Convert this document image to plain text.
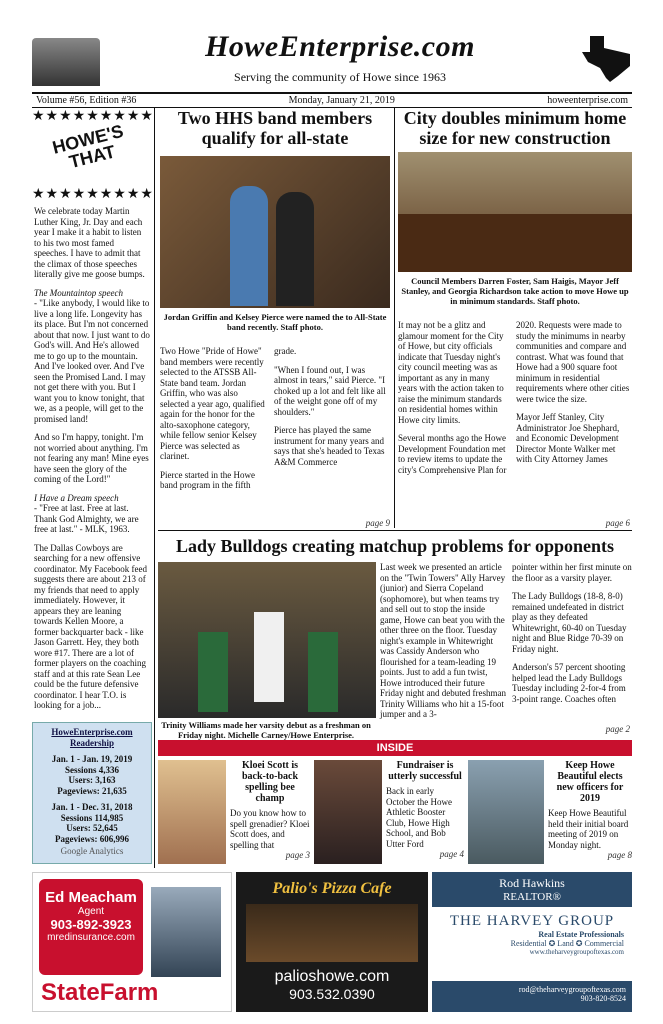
HoweEnterprise.com
Serving the community of Howe since 1963
Volume #56, Edition #36	Monday, January 21, 2019	howeenterprise.com
★★★★★★★★★
HOWE'S THAT
★★★★★★★★★

We celebrate today Martin Luther King, Jr. Day and each year I make it a habit to listen to his two most famed speeches. I have to admit that the climax of those speeches literally give me goose bumps.

The Mountaintop speech
- "Like anybody, I would like to live a long life. Longevity has its place. But I'm not concerned about that now. I just want to do God's will. And He's allowed me to go up to the mountain. And I've looked over. And I've seen the Promised Land. I may not get there with you. But I want you to know tonight, that we, as a people, will get to the promised land!

And so I'm happy, tonight. I'm not worried about anything. I'm not fearing any man! Mine eyes have seen the glory of the coming of the Lord!"

I Have a Dream speech
- "Free at last. Free at last. Thank God Almighty, we are free at last." - MLK, 1963.

The Dallas Cowboys are searching for a new offensive coordinator. My Facebook feed suggests there are about 213 of my friends that need to apply immediately. However, it appears they are leaning towards Kellen Moore, a former backquarter back - like Jason Garrett. Hey, they both wore #17. There are a lot of former players on the coaching staff and at this rate Sean Lee could be the future defensive coordinator. I hear T.O. is looking for a job...

HoweEnterprise.com Readership
Jan. 1 - Jan. 19, 2019
Sessions 4,336
Users: 3,163
Pageviews: 21,635
Jan. 1 - Dec. 31, 2018
Sessions 114,985
Users: 52,645
Pageviews: 606,996
Google Analytics
Two HHS band members qualify for all-state
Jordan Griffin and Kelsey Pierce were named the to All-State band recently. Staff photo.

Two Howe "Pride of Howe" band members were recently selected to the ATSSB All-State band team. Jordan Griffin, who was also selected a year ago, qualified again for the honor for the alto-saxophone category, while fellow senior Kelsey Pierce was selected as clarinet.

Pierce started in the Howe band program in the fifth

grade.

"When I found out, I was almost in tears," said Pierce. "I choked up a lot and felt like all of the weight gone off of my shoulders."

Pierce has played the same instrument for many years and says that she's headed to Texas A&M Commerce

page 9
City doubles minimum home size for new construction
Council Members Darren Foster, Sam Haigis, Mayor Jeff Stanley, and Georgia Richardson take action to move Howe up in minimum standards. Staff photo.

It may not be a glitz and glamour moment for the City of Howe, but city officials indicate that Tuesday night's city council meeting was as important as any in many years with the action taken to raise the minimum standards on residential homes within Howe city limits.

Several months ago the Howe Development Foundation met to review items to update the city's Comprehensive Plan for

2020. Requests were made to study the minimums in nearby communities and compare and contrast. What was found that Howe had a 900 square foot minimum in residential requirements where other cities were twice the size.

Mayor Jeff Stanley, City Administrator Joe Shephard, and Economic Development Director Monte Walker met with City Attorney James

page 6
Lady Bulldogs creating matchup problems for opponents
Trinity Williams made her varsity debut as a freshman on Friday night. Michelle Carney/Howe Enterprise.

Last week we presented an article on the "Twin Towers" Ally Harvey (junior) and Sierra Copeland (sophomore), but when teams try and sell out to stop the inside game, Howe can beat you with the other three on the floor. Tuesday night's example in Whitewright was Cassidy Anderson who flourished for a team-leading 19 points. Just to add a fun twist, Howe introduced their future Friday night and debuted freshman Trinity Williams who hit a 15-foot jumper and a 3-

pointer within her first minute on the floor as a varsity player.

The Lady Bulldogs (18-8, 8-0) remained undefeated in district play as they defeated Whitewright, 60-40 on Tuesday night and Blue Ridge 70-39 on Friday night.

Anderson's 57 percent shooting helped lead the Lady Bulldogs Tuesday including 2-for-4 from 3-point range. Coaches often

page 2
INSIDE
Kloei Scott is back-to-back spelling bee champ
Do you know how to spell grenadier? Kloei Scott does, and spelling that
page 3
Fundraiser is utterly successful
Back in early October the Howe Athletic Booster Club, Howe High School, and Bob Utter Ford
page 4
Keep Howe Beautiful elects new officers for 2019
Keep Howe Beautiful held their initial board meeting of 2019 on Monday night.
page 8
Ed Meacham
Agent
903-892-3923
mredinsurance.com
StateFarm
Palio's Pizza Cafe
palioshowe.com
903.532.0390
Rod Hawkins
REALTOR®
THE HARVEY GROUP
Real Estate Professionals
Residential ✪ Land ✪ Commercial
www.theharveygroupoftexas.com
rod@theharveygroupoftexas.com
903-820-8524
